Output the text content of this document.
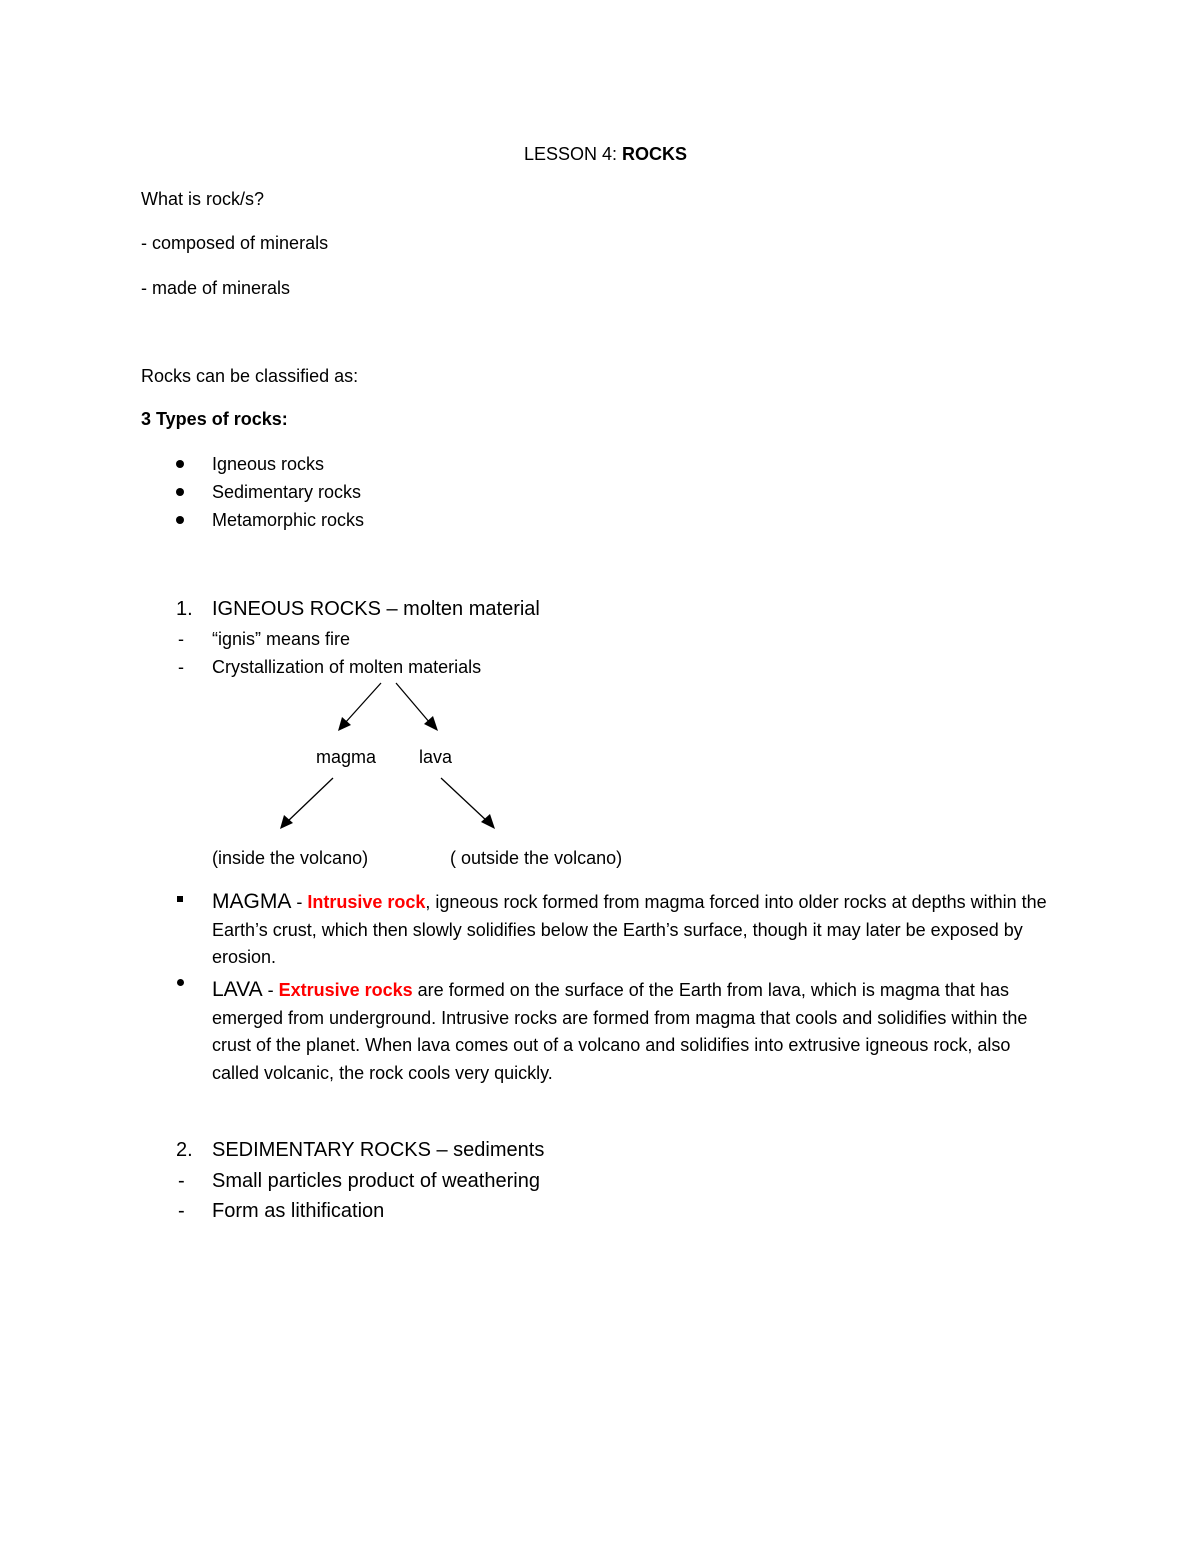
LESSON 4: ROCKS
What is rock/s?
- composed of minerals
- made of minerals
Rocks can be classified as:
3 Types of rocks:
Igneous rocks
Sedimentary rocks
Metamorphic rocks
1. IGNEOUS ROCKS – molten material
- “ignis” means fire
- Crystallization of molten materials
magma lava
(inside the volcano)	( outside the volcano)
MAGMA - Intrusive rock, igneous rock formed from magma forced into older rocks at depths within the Earth’s crust, which then slowly solidifies below the Earth’s surface, though it may later be exposed by erosion.
LAVA - Extrusive rocks are formed on the surface of the Earth from lava, which is magma that has emerged from underground. Intrusive rocks are formed from magma that cools and solidifies within the crust of the planet. When lava comes out of a volcano and solidifies into extrusive igneous rock, also called volcanic, the rock cools very quickly.
2. SEDIMENTARY ROCKS – sediments
- Small particles product of weathering
- Form as lithification
